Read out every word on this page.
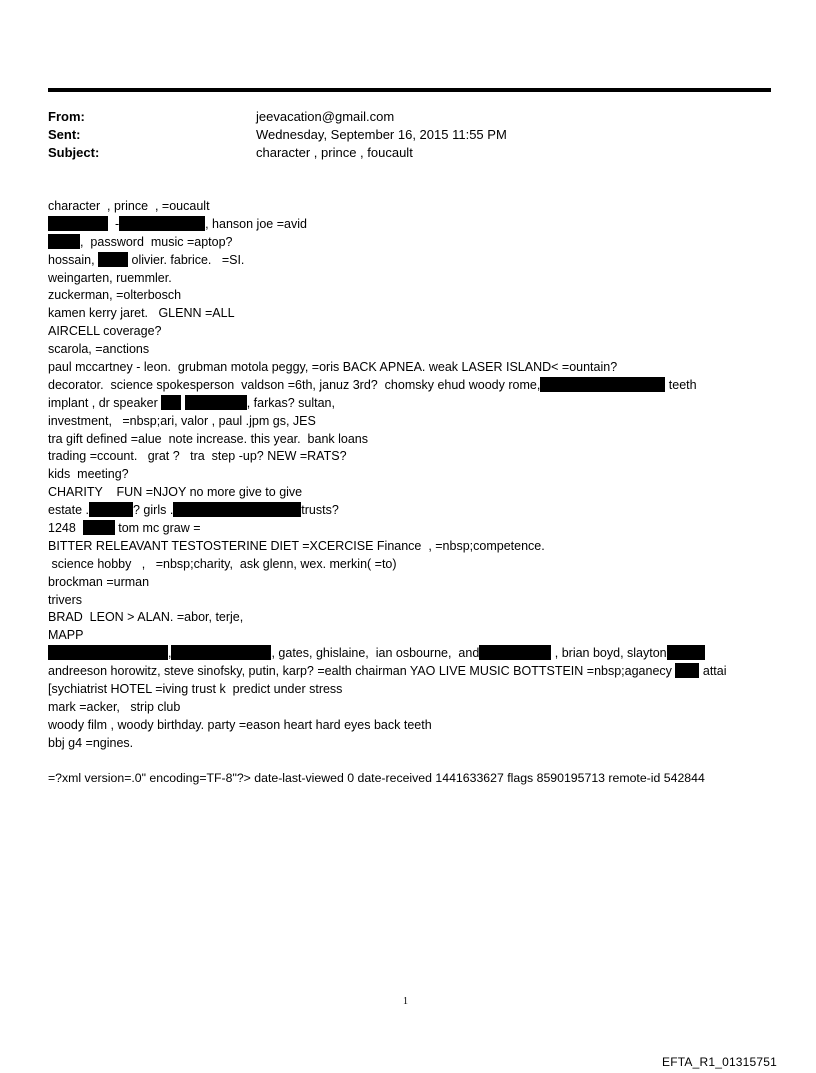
From:	jeevacation@gmail.com
Sent:	Wednesday, September 16, 2015 11:55 PM
Subject:	character , prince , foucault
character  , prince  , =oucault
-	, hanson joe =avid
,  password  music =aptop?
hossain,  olivier. fabrice.   =SI.
weingarten, ruemmler.
zuckerman, =olterbosch
kamen kerry jaret.   GLENN =ALL
AIRCELL coverage?
scarola, =anctions
paul mccartney - leon.  grubman motola peggy, =oris BACK APNEA. weak LASER ISLAND< =ountain?
decorator.  science spokesperson  valdson =6th, januz 3rd?  chomsky ehud woody rome,	teeth
implant , dr speaker	, farkas? sultan,
investment,   =nbsp;ari, valor , paul .jpm gs, JES
tra gift defined =alue  note increase. this year.  bank loans
trading =ccount.   grat ?   tra  step -up? NEW =RATS?
kids  meeting?
CHARITY    FUN =NJOY no more give to give
estate .	? girls .	trusts?
1248	tom mc graw =
BITTER RELEAVANT TESTOSTERINE DIET =XCERCISE Finance  , =nbsp;competence.
science hobby   ,   =nbsp;charity,  ask glenn, wex. merkin( =to)
brockman =urman
trivers
BRAD  LEON > ALAN. =abor, terje,
MAPP
,	, gates, ghislaine,  ian osbourne,  and	, brian boyd, slayton
andreeson horowitz, steve sinofsky, putin, karp? =ealth chairman YAO LIVE MUSIC BOTTSTEIN =nbsp;aganecy  attai
[sychiatrist HOTEL =iving trust k  predict under stress
mark =acker,   strip club
woody film , woody birthday. party =eason heart hard eyes back teeth
bbj g4 =ngines.
=?xml version=.0" encoding=TF-8"?> date-last-viewed 0 date-received 1441633627 flags 8590195713 remote-id 542844
1
EFTA_R1_01315751
